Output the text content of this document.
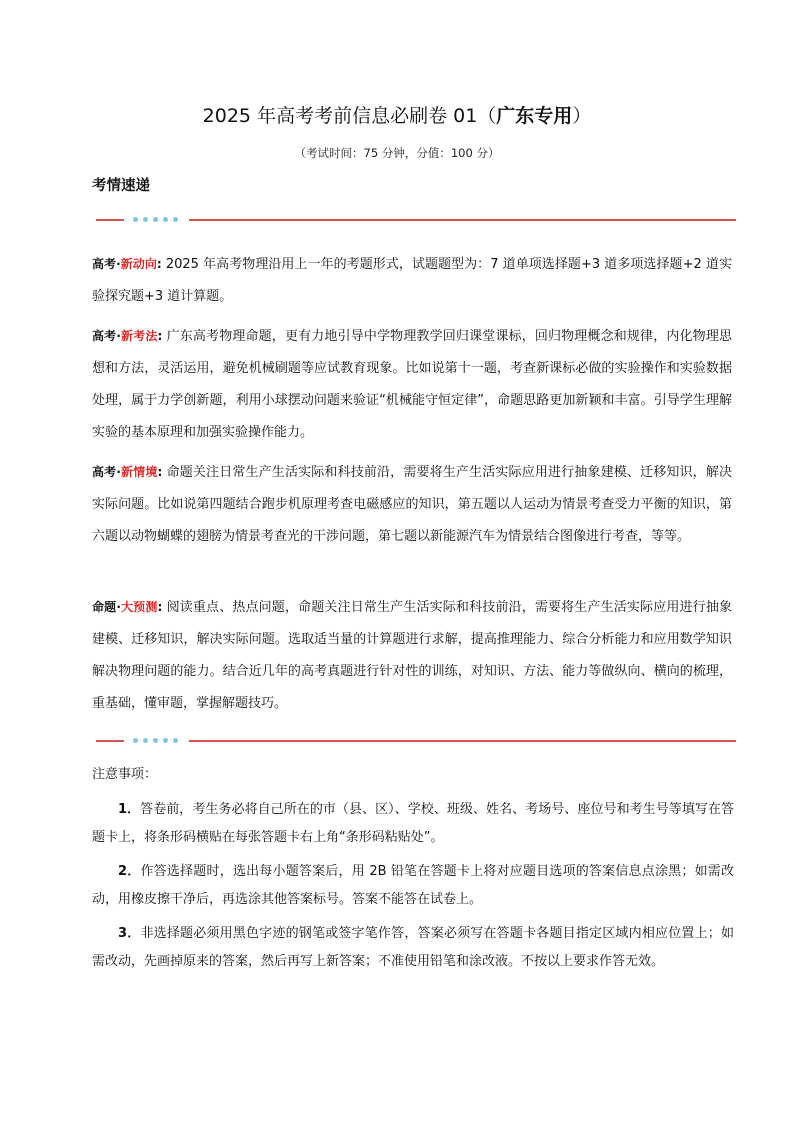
2025 年高考考前信息必刷卷 01（广东专用）
（考试时间：75 分钟，分值：100 分）
考情速递
高考·新动向: 2025 年高考物理沿用上一年的考题形式，试题题型为：7 道单项选择题+3 道多项选择题+2 道实验探究题+3 道计算题。
高考·新考法: 广东高考物理命题，更有力地引导中学物理教学回归课堂课标，回归物理概念和规律，内化物理思想和方法，灵活运用，避免机械刷题等应试教育现象。比如说第十一题，考查新课标必做的实验操作和实验数据处理，属于力学创新题，利用小球摆动问题来验证“机械能守恒定律”，命题思路更加新颖和丰富。引导学生理解实验的基本原理和加强实验操作能力。
高考·新情境: 命题关注日常生产生活实际和科技前沿，需要将生产生活实际应用进行抽象建模、迁移知识，解决实际问题。比如说第四题结合跑步机原理考查电磁感应的知识，第五题以人运动为情景考查受力平衡的知识，第六题以动物蝴蝶的翅膀为情景考查光的干涉问题，第七题以新能源汽车为情景结合图像进行考查，等等。
命题·大预测: 阅读重点、热点问题，命题关注日常生产生活实际和科技前沿，需要将生产生活实际应用进行抽象建模、迁移知识，解决实际问题。选取适当量的计算题进行求解，提高推理能力、综合分析能力和应用数学知识解决物理问题的能力。结合近几年的高考真题进行针对性的训练，对知识、方法、能力等做纵向、横向的梳理，重基础，懂审题，掌握解题技巧。
注意事项：
1．答卷前，考生务必将自己所在的市（县、区）、学校、班级、姓名、考场号、座位号和考生号等填写在答题卡上，将条形码横贴在每张答题卡右上角“条形码粘贴处”。
2．作答选择题时，选出每小题答案后，用 2B 铅笔在答题卡上将对应题目选项的答案信息点涂黑；如需改动，用橡皮擦干净后，再选涂其他答案标号。答案不能答在试卷上。
3．非选择题必须用黑色字迹的钢笔或签字笔作答，答案必须写在答题卡各题目指定区域内相应位置上；如需改动，先画掉原来的答案，然后再写上新答案；不准使用铅笔和涂改液。不按以上要求作答无效。
